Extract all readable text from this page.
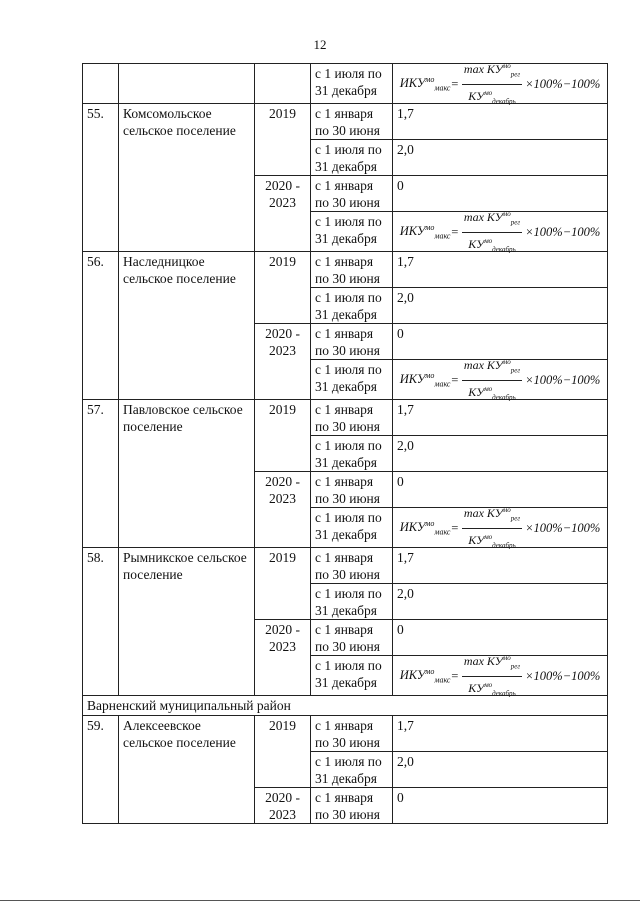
12
			с 1 июля по 31 декабря	$ИКУ^{мо}_{макс} = \frac{\max КУ^{мо}_{рег}}{КУ^{мо}_{декабрь}} \times 100\%-100\%$

55.	Комсомольское сельское поселение	2019	с 1 января по 30 июня	1,7
			с 1 июля по 31 декабря	2,0
		2020 - 2023	с 1 января по 30 июня	0
			с 1 июля по 31 декабря	$ИКУ^{мо}_{макс} = \frac{\max КУ^{мо}_{рег}}{КУ^{мо}_{декабрь}} \times 100\%-100\%$

56.	Наследницкое сельское поселение	2019	с 1 января по 30 июня	1,7
			с 1 июля по 31 декабря	2,0
		2020 - 2023	с 1 января по 30 июня	0
			с 1 июля по 31 декабря	$ИКУ^{мо}_{макс} = \frac{\max КУ^{мо}_{рег}}{КУ^{мо}_{декабрь}} \times 100\%-100\%$

57.	Павловское сельское поселение	2019	с 1 января по 30 июня	1,7
			с 1 июля по 31 декабря	2,0
		2020 - 2023	с 1 января по 30 июня	0
			с 1 июля по 31 декабря	$ИКУ^{мо}_{макс} = \frac{\max КУ^{мо}_{рег}}{КУ^{мо}_{декабрь}} \times 100\%-100\%$

58.	Рымникское сельское поселение	2019	с 1 января по 30 июня	1,7
			с 1 июля по 31 декабря	2,0
		2020 - 2023	с 1 января по 30 июня	0
			с 1 июля по 31 декабря	$ИКУ^{мо}_{макс} = \frac{\max КУ^{мо}_{рег}}{КУ^{мо}_{декабрь}} \times 100\%-100\%$

Варненский муниципальный район				
59.	Алексеевское сельское поселение	2019	с 1 января по 30 июня	1,7
			с 1 июля по 31 декабря	2,0
		2020 - 2023	с 1 января по 30 июня	0
